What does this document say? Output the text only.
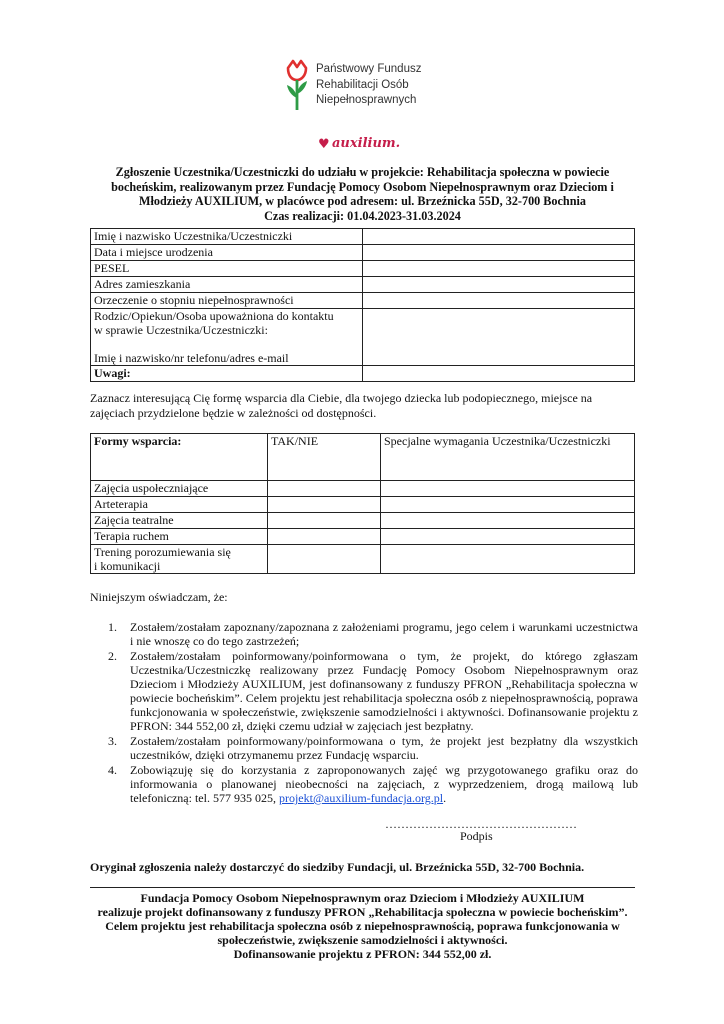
Państwowy Fundusz
Rehabilitacji Osób
Niepełnosprawnych
♥ auxilium.
Zgłoszenie Uczestnika/Uczestniczki do udziału w projekcie: Rehabilitacja społeczna w powiecie
bocheńskim, realizowanym przez Fundację Pomocy Osobom Niepełnosprawnym oraz Dzieciom i
Młodzieży AUXILIUM, w placówce pod adresem: ul. Brzeźnicka 55D, 32-700 Bochnia
Czas realizacji: 01.04.2023-31.03.2024
Imię i nazwisko Uczestnika/Uczestniczki	
Data i miejsce urodzenia	
PESEL	
Adres zamieszkania	
Orzeczenie o stopniu niepełnosprawności	

Rodzic/Opiekun/Osoba upoważniona do kontaktu
w sprawie Uczestnika/Uczestniczki:
Imię i nazwisko/nr telefonu/adres e-mail	

Uwagi:	
Zaznacz interesującą Cię formę wsparcia dla Ciebie, dla twojego dziecka lub podopiecznego, miejsce na
zajęciach przydzielone będzie w zależności od dostępności.
Formy wsparcia:	TAK/NIE	Specjalne wymagania Uczestnika/Uczestniczki
Zajęcia uspołeczniające		
Arteterapia		
Zajęcia teatralne		
Terapia ruchem		

Trening porozumiewania się
i komunikacji		

Niniejszym oświadczam, że:
1. Zostałem/zostałam zapoznany/zapoznana z założeniami programu, jego celem i warunkami uczestnictwa i nie wnoszę co do tego zastrzeżeń;
2. Zostałem/zostałam poinformowany/poinformowana o tym, że projekt, do którego zgłaszam Uczestnika/Uczestniczkę realizowany przez Fundację Pomocy Osobom Niepełnosprawnym oraz Dzieciom i Młodzieży AUXILIUM, jest dofinansowany z funduszy PFRON „Rehabilitacja społeczna w powiecie bocheńskim”. Celem projektu jest rehabilitacja społeczna osób z niepełnosprawnością, poprawa funkcjonowania w społeczeństwie, zwiększenie samodzielności i aktywności. Dofinansowanie projektu z PFRON: 344 552,00 zł, dzięki czemu udział w zajęciach jest bezpłatny.
3. Zostałem/zostałam poinformowany/poinformowana o tym, że projekt jest bezpłatny dla wszystkich uczestników, dzięki otrzymanemu przez Fundację wsparciu.
4. Zobowiązuję się do korzystania z zaproponowanych zajęć wg przygotowanego grafiku oraz do informowania o planowanej nieobecności na zajęciach, z wyprzedzeniem, drogą mailową lub telefoniczną: tel. 577 935 025, projekt@auxilium-fundacja.org.pl.
…………………………………………
Podpis
Oryginał zgłoszenia należy dostarczyć do siedziby Fundacji, ul. Brzeźnicka 55D, 32-700 Bochnia.
Fundacja Pomocy Osobom Niepełnosprawnym oraz Dzieciom i Młodzieży AUXILIUM
realizuje projekt dofinansowany z funduszy PFRON „Rehabilitacja społeczna w powiecie bocheńskim”.
Celem projektu jest rehabilitacja społeczna osób z niepełnosprawnością, poprawa funkcjonowania w
społeczeństwie, zwiększenie samodzielności i aktywności.
Dofinansowanie projektu z PFRON: 344 552,00 zł.
